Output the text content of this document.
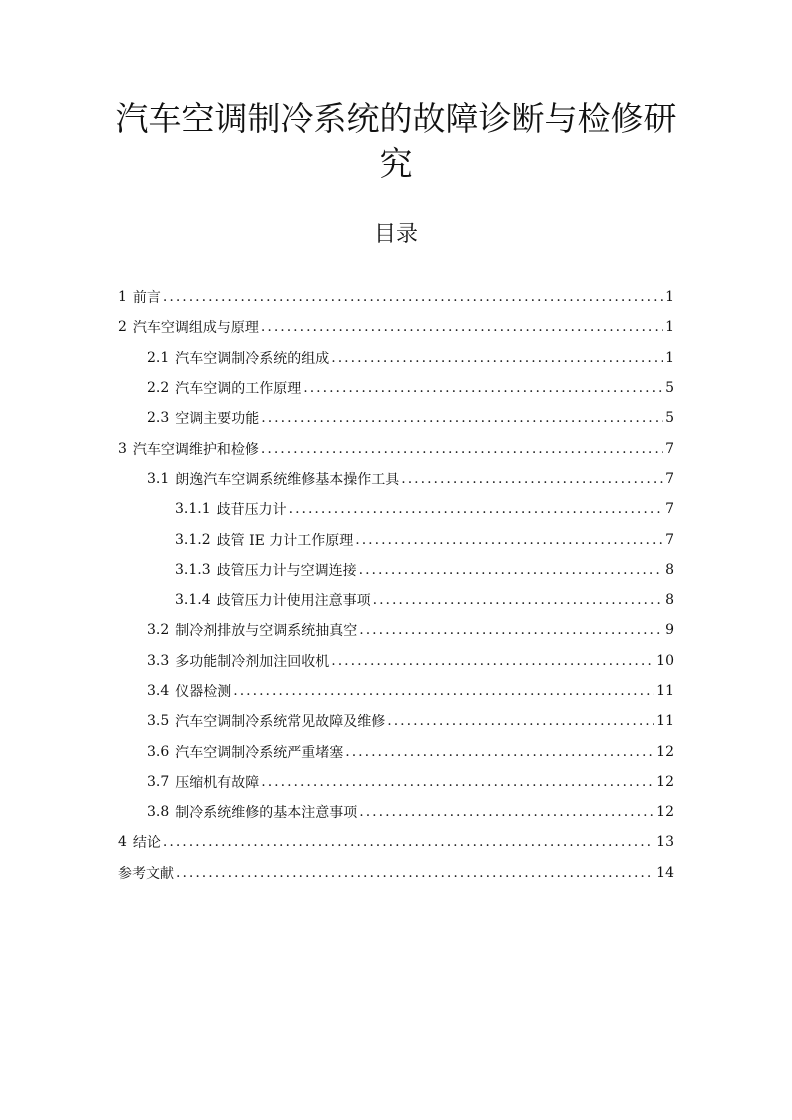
汽车空调制冷系统的故障诊断与检修研究
目录
1 前言 .....	1
2 汽车空调组成与原理 .....	1
2.1 汽车空调制冷系统的组成 .....	1
2.2 汽车空调的工作原理 .....	5
2.3 空调主要功能 .....	5
3 汽车空调维护和检修 .....	7
3.1 朗逸汽车空调系统维修基本操作工具 .....	7
3.1.1 歧苷压力计 .....	7
3.1.2 歧管 IE 力计工作原理 .....	7
3.1.3 歧管压力计与空调连接 .....	8
3.1.4 歧管压力计使用注意事项 .....	8
3.2 制冷剂排放与空调系统抽真空 .....	9
3.3 多功能制冷剂加注回收机 .....	10
3.4 仪器检测 .....	11
3.5 汽车空调制冷系统常见故障及维修 .....	11
3.6 汽车空调制冷系统严重堵塞 .....	12
3.7 压缩机有故障 .....	12
3.8 制冷系统维修的基本注意事项 .....	12
4 结论 .....	13
参考文献 .....	14
